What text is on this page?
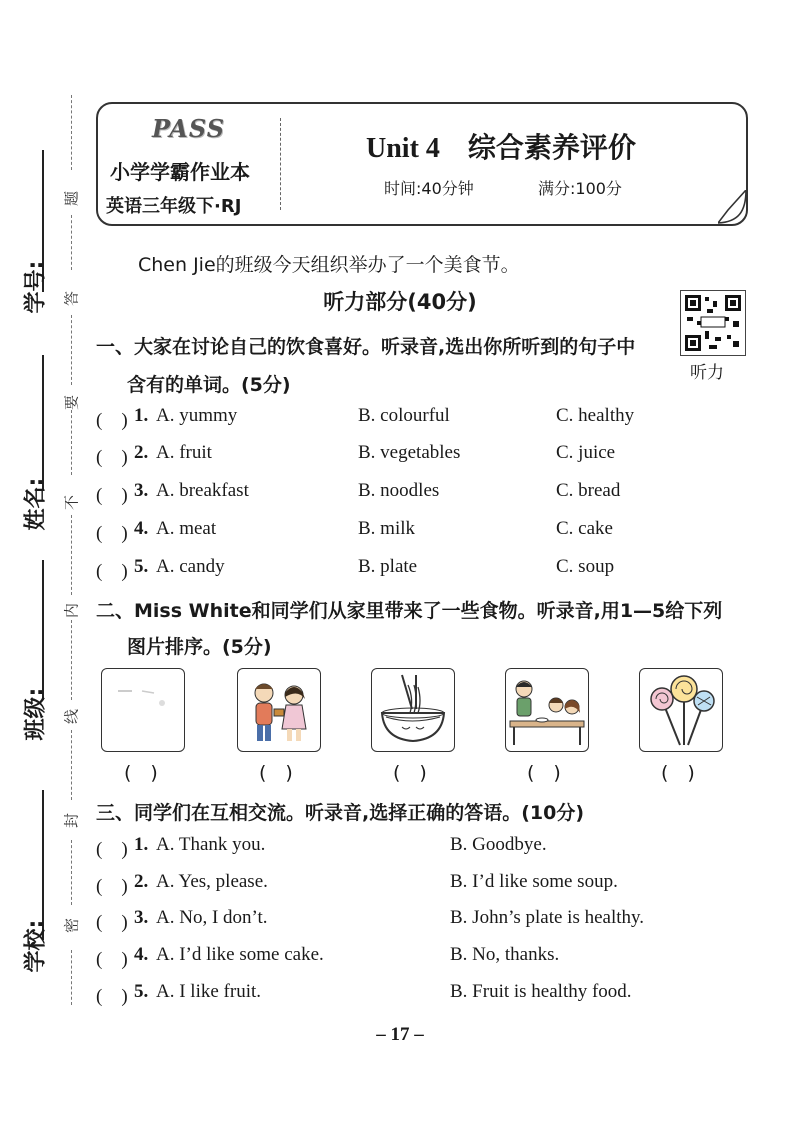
学号:
姓名:
班级:
学校:
题
答
要
不
内
线
封
密
PASS
小学学霸作业本
英语三年级下·RJ
Unit 4　综合素养评价
时间:40分钟	满分:100分
Chen Jie的班级今天组织举办了一个美食节。
听力部分(40分)
听力
一、大家在讨论自己的饮食喜好。听录音,选出你所听到的句子中
含有的单词。(5分)
(　) 1. A. yummy	B. colourful	C. healthy
(　) 2. A. fruit	B. vegetables	C. juice
(　) 3. A. breakfast	B. noodles	C. bread
(　) 4. A. meat	B. milk	C. cake
(　) 5. A. candy	B. plate	C. soup
二、Miss White和同学们从家里带来了一些食物。听录音,用1—5给下列
图片排序。(5分)
(　)	(　)	(　)	(　)	(　)
三、同学们在互相交流。听录音,选择正确的答语。(10分)
(　) 1. A. Thank you.	B. Goodbye.
(　) 2. A. Yes, please.	B. I’d like some soup.
(　) 3. A. No, I don’t.	B. John’s plate is healthy.
(　) 4. A. I’d like some cake.	B. No, thanks.
(　) 5. A. I like fruit.	B. Fruit is healthy food.
– 17 –
